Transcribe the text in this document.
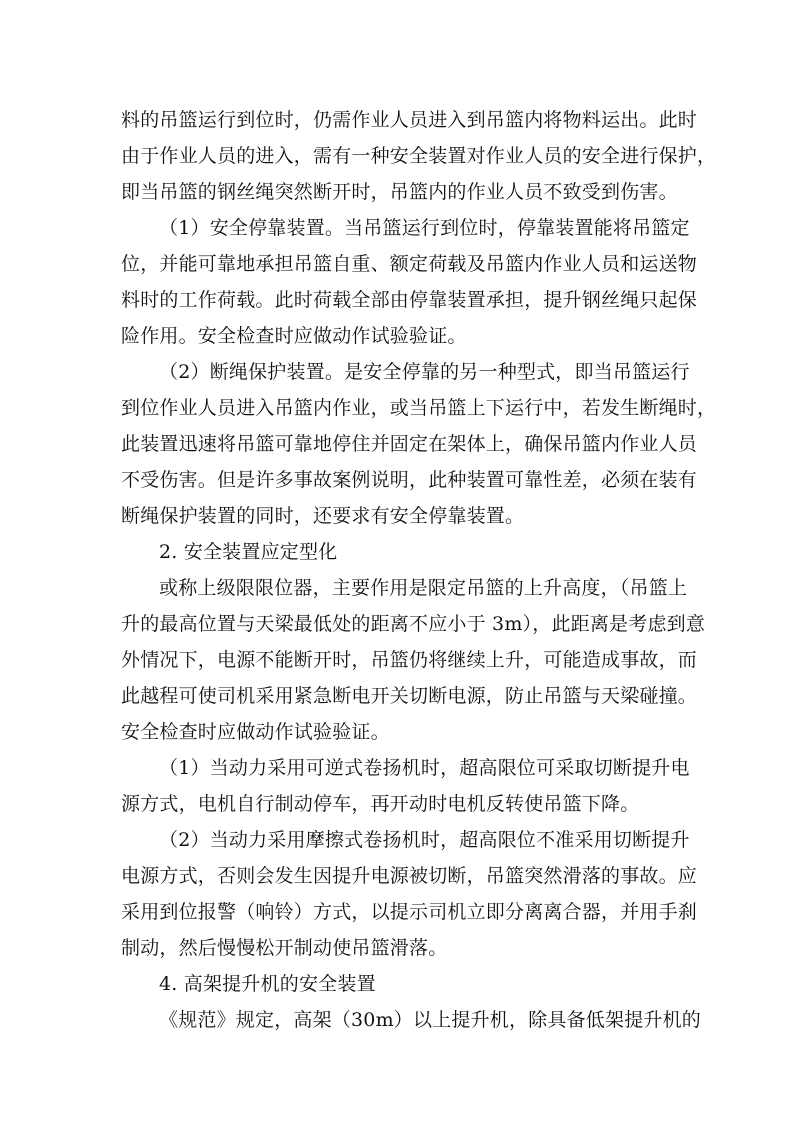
料的吊篮运行到位时，仍需作业人员进入到吊篮内将物料运出。此时
由于作业人员的进入，需有一种安全装置对作业人员的安全进行保护，
即当吊篮的钢丝绳突然断开时，吊篮内的作业人员不致受到伤害。
（1）安全停靠装置。当吊篮运行到位时，停靠装置能将吊篮定
位，并能可靠地承担吊篮自重、额定荷载及吊篮内作业人员和运送物
料时的工作荷载。此时荷载全部由停靠装置承担，提升钢丝绳只起保
险作用。安全检查时应做动作试验验证。
（2）断绳保护装置。是安全停靠的另一种型式，即当吊篮运行
到位作业人员进入吊篮内作业，或当吊篮上下运行中，若发生断绳时，
此装置迅速将吊篮可靠地停住并固定在架体上，确保吊篮内作业人员
不受伤害。但是许多事故案例说明，此种装置可靠性差，必须在装有
断绳保护装置的同时，还要求有安全停靠装置。
2. 安全装置应定型化
或称上级限限位器，主要作用是限定吊篮的上升高度，（吊篮上
升的最高位置与天梁最低处的距离不应小于 3m），此距离是考虑到意
外情况下，电源不能断开时，吊篮仍将继续上升，可能造成事故，而
此越程可使司机采用紧急断电开关切断电源，防止吊篮与天梁碰撞。
安全检查时应做动作试验验证。
（1）当动力采用可逆式卷扬机时，超高限位可采取切断提升电
源方式，电机自行制动停车，再开动时电机反转使吊篮下降。
（2）当动力采用摩擦式卷扬机时，超高限位不准采用切断提升
电源方式，否则会发生因提升电源被切断，吊篮突然滑落的事故。应
采用到位报警（响铃）方式，以提示司机立即分离离合器，并用手刹
制动，然后慢慢松开制动使吊篮滑落。
4. 高架提升机的安全装置
《规范》规定，高架（30m）以上提升机，除具备低架提升机的
